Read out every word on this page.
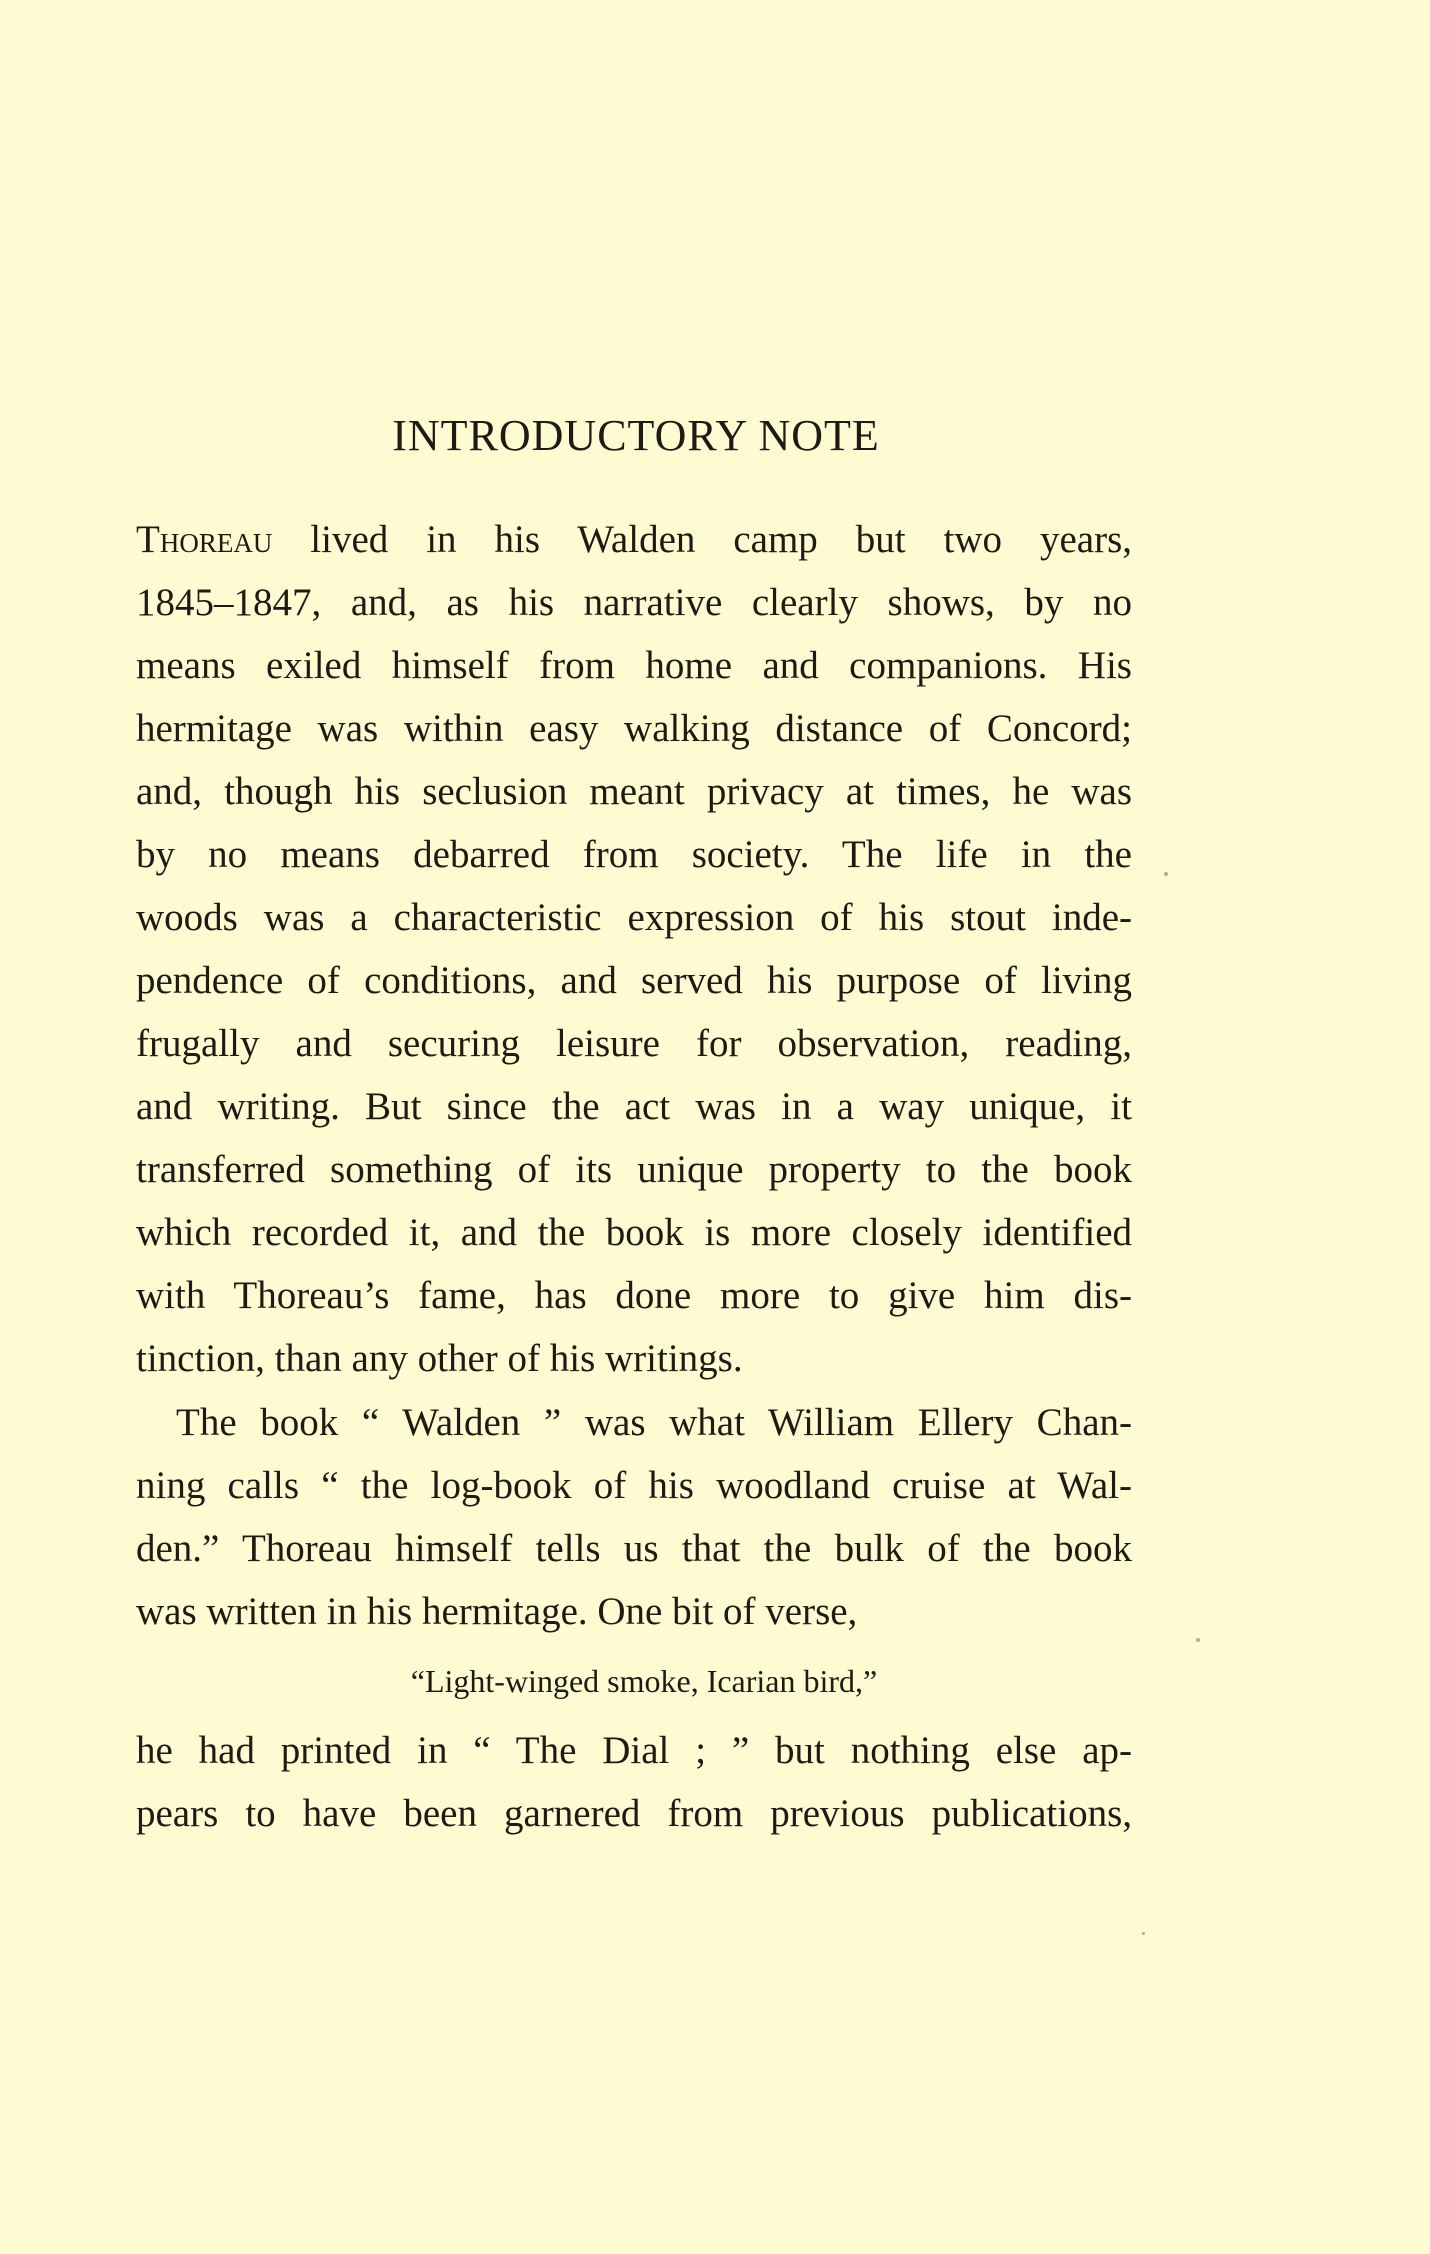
INTRODUCTORY NOTE

Thoreau lived in his Walden camp but two years,

1845–1847, and, as his narrative clearly shows, by no

means exiled himself from home and companions. His

hermitage was within easy walking distance of Concord;

and, though his seclusion meant privacy at times, he was

by no means debarred from society. The life in the

woods was a characteristic expression of his stout inde-

pendence of conditions, and served his purpose of living

frugally and securing leisure for observation, reading,

and writing. But since the act was in a way unique, it

transferred something of its unique property to the book

which recorded it, and the book is more closely identified

with Thoreau’s fame, has done more to give him dis-

tinction, than any other of his writings.

The book “ Walden ” was what William Ellery Chan-

ning calls “ the log-book of his woodland cruise at Wal-

den.” Thoreau himself tells us that the bulk of the book

was written in his hermitage. One bit of verse,

“Light-winged smoke, Icarian bird,”

he had printed in “ The Dial ; ” but nothing else ap-

pears to have been garnered from previous publications,
